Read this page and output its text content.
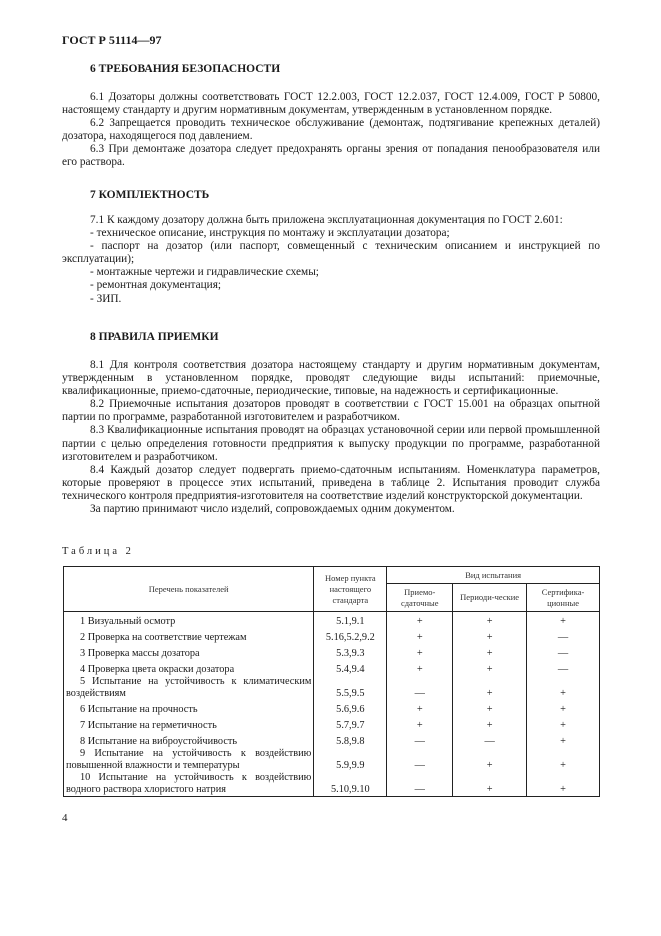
ГОСТ Р 51114—97
6 ТРЕБОВАНИЯ БЕЗОПАСНОСТИ

6.1 Дозаторы должны соответствовать ГОСТ 12.2.003, ГОСТ 12.2.037, ГОСТ 12.4.009, ГОСТ Р 50800, настоящему стандарту и другим нормативным документам, утвержденным в установленном порядке.

6.2 Запрещается проводить техническое обслуживание (демонтаж, подтягивание крепежных деталей) дозатора, находящегося под давлением.

6.3 При демонтаже дозатора следует предохранять органы зрения от попадания пенообразователя или его раствора.

7 КОМПЛЕКТНОСТЬ

7.1 К каждому дозатору должна быть приложена эксплуатационная документация по ГОСТ 2.601:

- техническое описание, инструкция по монтажу и эксплуатации дозатора;

- паспорт на дозатор (или паспорт, совмещенный с техническим описанием и инструкцией по эксплуатации);

- монтажные чертежи и гидравлические схемы;

- ремонтная документация;

- ЗИП.

8 ПРАВИЛА ПРИЕМКИ

8.1 Для контроля соответствия дозатора настоящему стандарту и другим нормативным документам, утвержденным в установленном порядке, проводят следующие виды испытаний: приемочные, квалификационные, приемо-сдаточные, периодические, типовые, на надежность и сертификационные.

8.2 Приемочные испытания дозаторов проводят в соответствии с ГОСТ 15.001 на образцах опытной партии по программе, разработанной изготовителем и разработчиком.

8.3 Квалификационные испытания проводят на образцах установочной серии или первой промышленной партии с целью определения готовности предприятия к выпуску продукции по программе, разработанной изготовителем и разработчиком.

8.4 Каждый дозатор следует подвергать приемо-сдаточным испытаниям. Номенклатура параметров, которые проверяют в процессе этих испытаний, приведена в таблице 2. Испытания проводит служба технического контроля предприятия-изготовителя на соответствие изделий конструкторской документации.

За партию принимают число изделий, сопровождаемых одним документом.

Таблица 2
Перечень показателей	Номер пункта настоящего стандарта	Вид испытания		
		Приемо-сдаточные	Периоди-ческие	Сертифика-ционные
1 Визуальный осмотр	5.1,9.1	+	+	+
2 Проверка на соответствие чертежам	5.16,5.2,9.2	+	+	—
3 Проверка массы дозатора	5.3,9.3	+	+	—
4 Проверка цвета окраски дозатора	5.4,9.4	+	+	—
5 Испытание на устойчивость к климатическим воздействиям	5.5,9.5	—	+	+
6 Испытание на прочность	5.6,9.6	+	+	+
7 Испытание на герметичность	5.7,9.7	+	+	+
8 Испытание на виброустойчивость	5.8,9.8	—	—	+
9 Испытание на устойчивость к воздействию повышенной влажности и температуры	5.9,9.9	—	+	+
10 Испытание на устойчивость к воздействию водного раствора хлористого натрия	5.10,9.10	—	+	+
4
